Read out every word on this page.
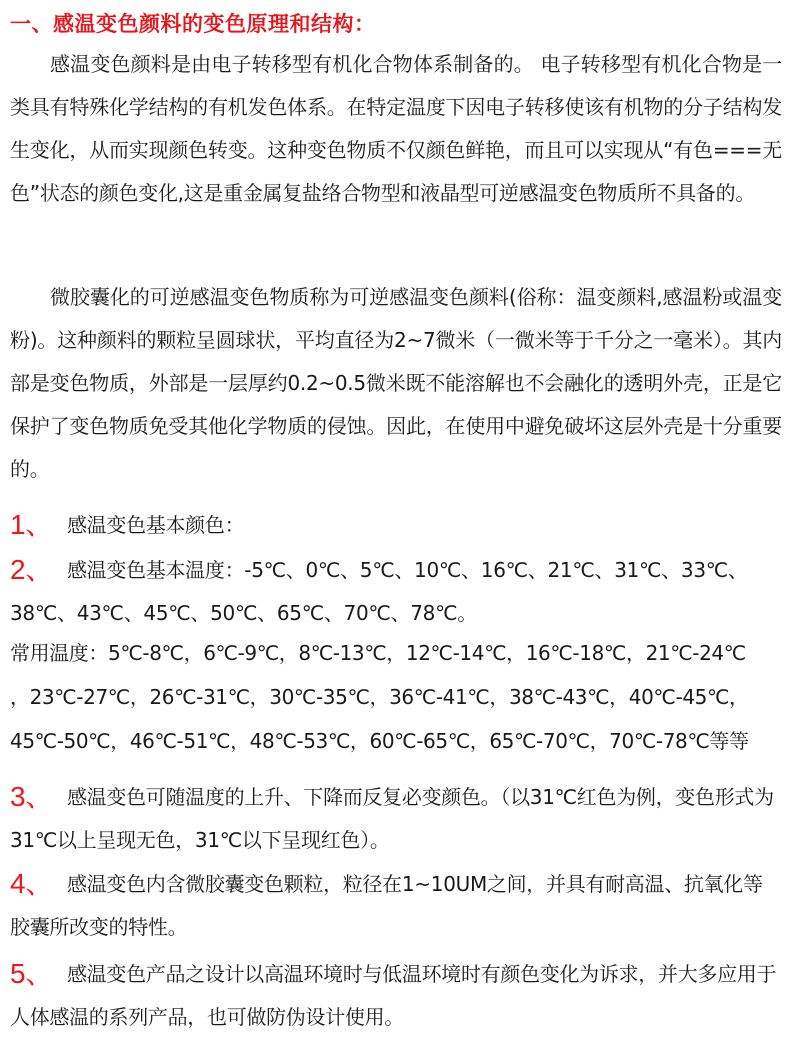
一、感温变色颜料的变色原理和结构：
感温变色颜料是由电子转移型有机化合物体系制备的。 电子转移型有机化合物是一类具有特殊化学结构的有机发色体系。在特定温度下因电子转移使该有机物的分子结构发生变化，从而实现颜色转变。这种变色物质不仅颜色鲜艳，而且可以实现从“有色===无色”状态的颜色变化,这是重金属复盐络合物型和液晶型可逆感温变色物质所不具备的。
微胶囊化的可逆感温变色物质称为可逆感温变色颜料(俗称：温变颜料,感温粉或温变粉)。这种颜料的颗粒呈圆球状，平均直径为2~7微米（一微米等于千分之一毫米）。其内部是变色物质，外部是一层厚约0.2~0.5微米既不能溶解也不会融化的透明外壳，正是它保护了变色物质免受其他化学物质的侵蚀。因此，在使用中避免破坏这层外壳是十分重要的。
1、 感温变色基本颜色：
2、 感温变色基本温度：-5℃、0℃、5℃、10℃、16℃、21℃、31℃、33℃、38℃、43℃、45℃、50℃、65℃、70℃、78℃。
常用温度：5℃-8℃，6℃-9℃，8℃-13℃，12℃-14℃，16℃-18℃，21℃-24℃
，23℃-27℃，26℃-31℃，30℃-35℃，36℃-41℃，38℃-43℃，40℃-45℃，
45℃-50℃，46℃-51℃，48℃-53℃，60℃-65℃，65℃-70℃，70℃-78℃等等
3、 感温变色可随温度的上升、下降而反复必变颜色。（以31℃红色为例，变色形式为31℃以上呈现无色，31℃以下呈现红色）。
4、 感温变色内含微胶囊变色颗粒，粒径在1~10UM之间，并具有耐高温、抗氧化等胶囊所改变的特性。
5、 感温变色产品之设计以高温环境时与低温环境时有颜色变化为诉求，并大多应用于人体感温的系列产品，也可做防伪设计使用。
